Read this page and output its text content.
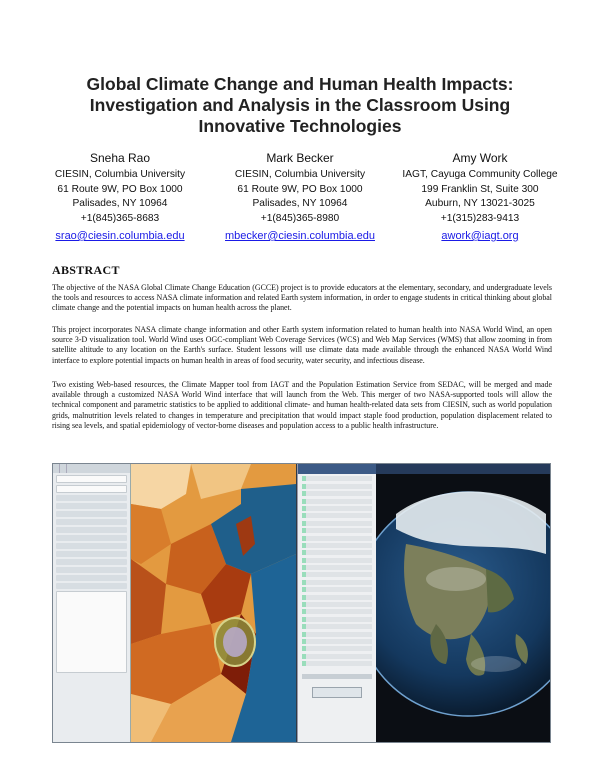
Global Climate Change and Human Health Impacts:
Investigation and Analysis in the Classroom Using
Innovative Technologies
Sneha Rao
CIESIN, Columbia University
61 Route 9W, PO Box 1000
Palisades, NY 10964
+1(845)365-8683
srao@ciesin.columbia.edu
Mark Becker
CIESIN, Columbia University
61 Route 9W, PO Box 1000
Palisades, NY 10964
+1(845)365-8980
mbecker@ciesin.columbia.edu
Amy Work
IAGT, Cayuga Community College
199 Franklin St, Suite 300
Auburn, NY 13021-3025
+1(315)283-9413
awork@iagt.org
ABSTRACT
The objective of the NASA Global Climate Change Education (GCCE) project is to provide educators at the elementary, secondary, and undergraduate levels the tools and resources to access NASA climate information and related Earth system information, in order to engage students in critical thinking about global climate change and the potential impacts on human health across the planet.
This project incorporates NASA climate change information and other Earth system information related to human health into NASA World Wind, an open source 3-D visualization tool. World Wind uses OGC-compliant Web Coverage Services (WCS) and Web Map Services (WMS) that allow zooming in from satellite altitude to any location on the Earth's surface. Student lessons will use climate data made available through the enhanced NASA World Wind interface to explore potential impacts on human health in areas of food security, water security, and infectious disease.
Two existing Web-based resources, the Climate Mapper tool from IAGT and the Population Estimation Service from SEDAC, will be merged and made available through a customized NASA World Wind interface that will launch from the Web. This merger of two NASA-supported tools will allow the technical component and parametric statistics to be applied to additional climate- and human health-related data sets from CIESIN, such as world population grids, malnutrition levels related to changes in temperature and precipitation that would impact staple food production, population displacement related to rising sea levels, and spatial epidemiology of vector-borne diseases and population access to a public health infrastructure.
